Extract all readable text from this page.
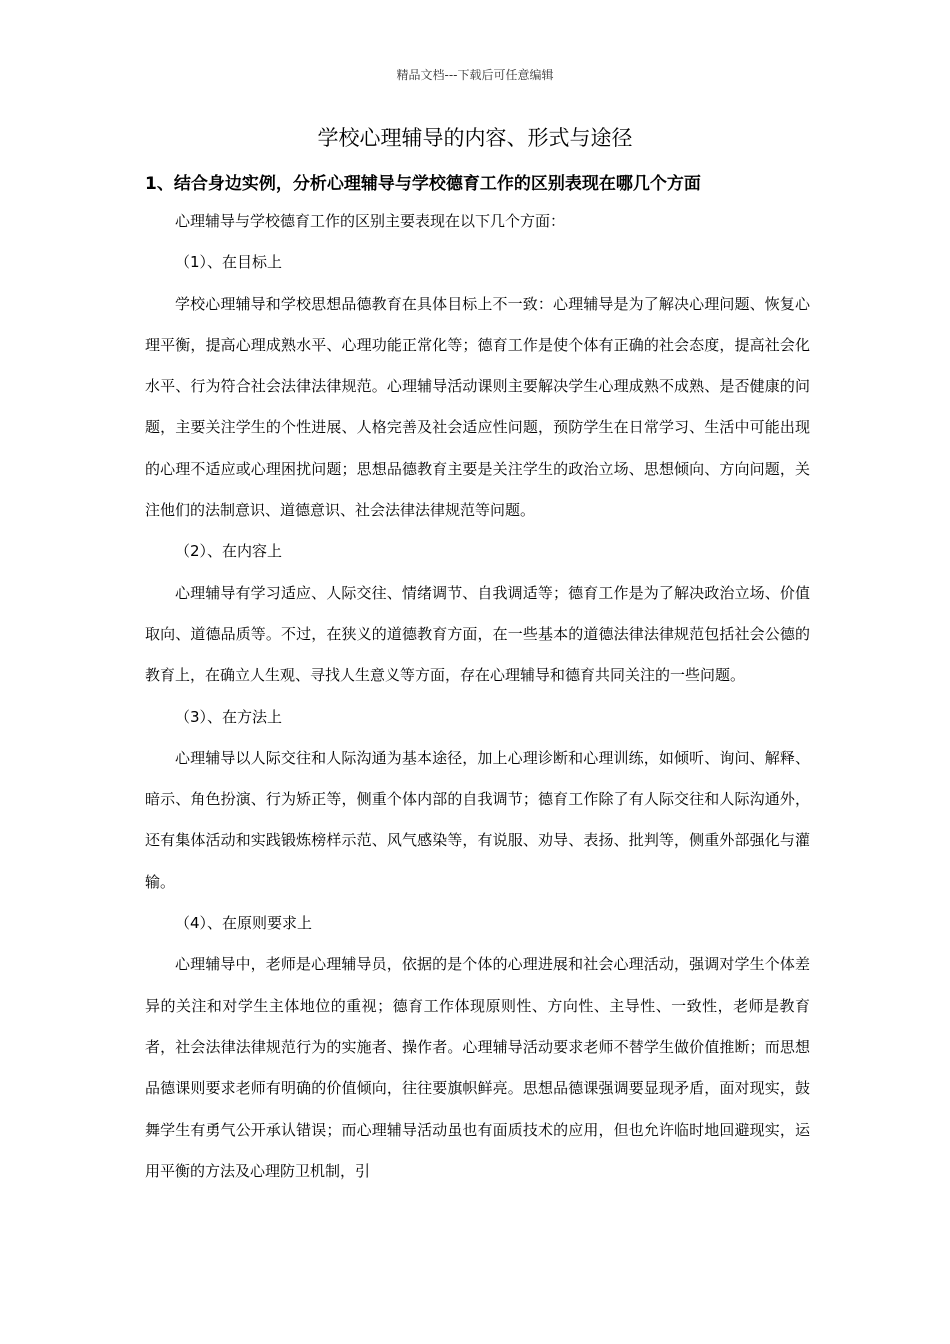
精品文档---下载后可任意编辑
学校心理辅导的内容、形式与途径
1、结合身边实例，分析心理辅导与学校德育工作的区别表现在哪几个方面

心理辅导与学校德育工作的区别主要表现在以下几个方面：

（1）、在目标上

学校心理辅导和学校思想品德教育在具体目标上不一致：心理辅导是为了解决心理问题、恢复心理平衡，提高心理成熟水平、心理功能正常化等；德育工作是使个体有正确的社会态度，提高社会化水平、行为符合社会法律法律规范。心理辅导活动课则主要解决学生心理成熟不成熟、是否健康的问题，主要关注学生的个性进展、人格完善及社会适应性问题，预防学生在日常学习、生活中可能出现的心理不适应或心理困扰问题；思想品德教育主要是关注学生的政治立场、思想倾向、方向问题，关注他们的法制意识、道德意识、社会法律法律规范等问题。

（2）、在内容上

心理辅导有学习适应、人际交往、情绪调节、自我调适等；德育工作是为了解决政治立场、价值取向、道德品质等。不过，在狭义的道德教育方面，在一些基本的道德法律法律规范包括社会公德的教育上，在确立人生观、寻找人生意义等方面，存在心理辅导和德育共同关注的一些问题。

（3）、在方法上

心理辅导以人际交往和人际沟通为基本途径，加上心理诊断和心理训练，如倾听、询问、解释、暗示、角色扮演、行为矫正等，侧重个体内部的自我调节；德育工作除了有人际交往和人际沟通外，还有集体活动和实践锻炼榜样示范、风气感染等，有说服、劝导、表扬、批判等，侧重外部强化与灌输。

（4）、在原则要求上

心理辅导中，老师是心理辅导员，依据的是个体的心理进展和社会心理活动，强调对学生个体差异的关注和对学生主体地位的重视；德育工作体现原则性、方向性、主导性、一致性，老师是教育者，社会法律法律规范行为的实施者、操作者。心理辅导活动要求老师不替学生做价值推断；而思想品德课则要求老师有明确的价值倾向，往往要旗帜鲜亮。思想品德课强调要显现矛盾，面对现实，鼓舞学生有勇气公开承认错误；而心理辅导活动虽也有面质技术的应用，但也允许临时地回避现实，运用平衡的方法及心理防卫机制，引
